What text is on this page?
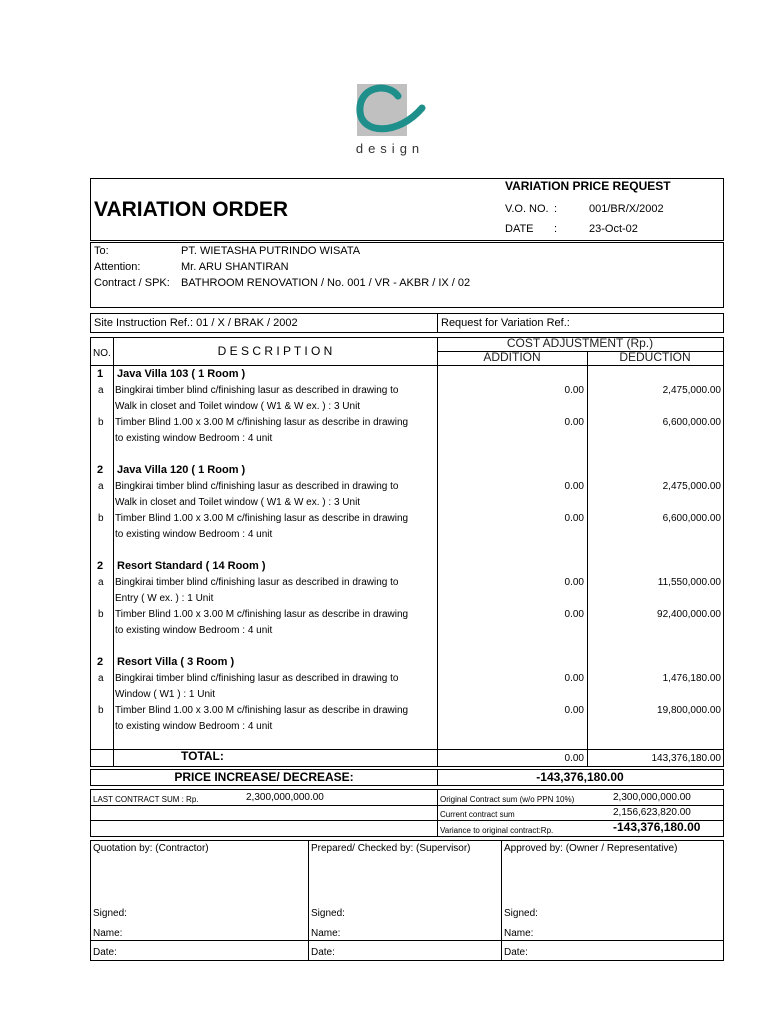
design
VARIATION ORDER
VARIATION PRICE REQUEST
V.O. NO. :	001/BR/X/2002
DATE :	23-Oct-02
To:	PT. WIETASHA PUTRINDO WISATA
Attention:	Mr. ARU SHANTIRAN
Contract / SPK: BATHROOM RENOVATION / No. 001 / VR - AKBR / IX / 02
Site Instruction Ref.: 01 / X / BRAK / 2002	Request for Variation Ref.:
NO.	D E S C R I P T I O N
COST ADJUSTMENT (Rp.)
ADDITION	DEDUCTION
1 Java Villa 103 ( 1 Room )
a Bingkirai timber blind c/finishing lasur as described in drawing to
Walk in closet and Toilet window ( W1 & W ex. ) : 3 Unit
0.00	2,475,000.00
b Timber Blind 1.00 x 3.00 M c/finishing lasur as describe in drawing
to existing window Bedroom : 4 unit
0.00	6,600,000.00
2 Java Villa 120 ( 1 Room )
a Bingkirai timber blind c/finishing lasur as described in drawing to
Walk in closet and Toilet window ( W1 & W ex. ) : 3 Unit
0.00	2,475,000.00
b Timber Blind 1.00 x 3.00 M c/finishing lasur as describe in drawing
to existing window Bedroom : 4 unit
0.00	6,600,000.00
2 Resort Standard ( 14 Room )
a Bingkirai timber blind c/finishing lasur as described in drawing to
Entry ( W ex. ) : 1 Unit
0.00	11,550,000.00
b Timber Blind 1.00 x 3.00 M c/finishing lasur as describe in drawing
to existing window Bedroom : 4 unit
0.00	92,400,000.00
2 Resort Villa ( 3 Room )
a Bingkirai timber blind c/finishing lasur as described in drawing to
Window ( W1 ) : 1 Unit
0.00	1,476,180.00
b Timber Blind 1.00 x 3.00 M c/finishing lasur as describe in drawing
to existing window Bedroom : 4 unit
0.00	19,800,000.00
TOTAL:	0.00	143,376,180.00
PRICE INCREASE/ DECREASE:	-143,376,180.00
LAST CONTRACT SUM : Rp.	2,300,000,000.00	Original Contract sum (w/o PPN 10%)	2,300,000,000.00
Current contract sum	2,156,623,820.00
Variance to original contract:Rp.	-143,376,180.00
Quotation by: (Contractor)
Signed:
Name:
Date:
Prepared/ Checked by: (Supervisor)
Signed:
Name:
Date:
Approved by: (Owner / Representative)
Signed:
Name:
Date:
